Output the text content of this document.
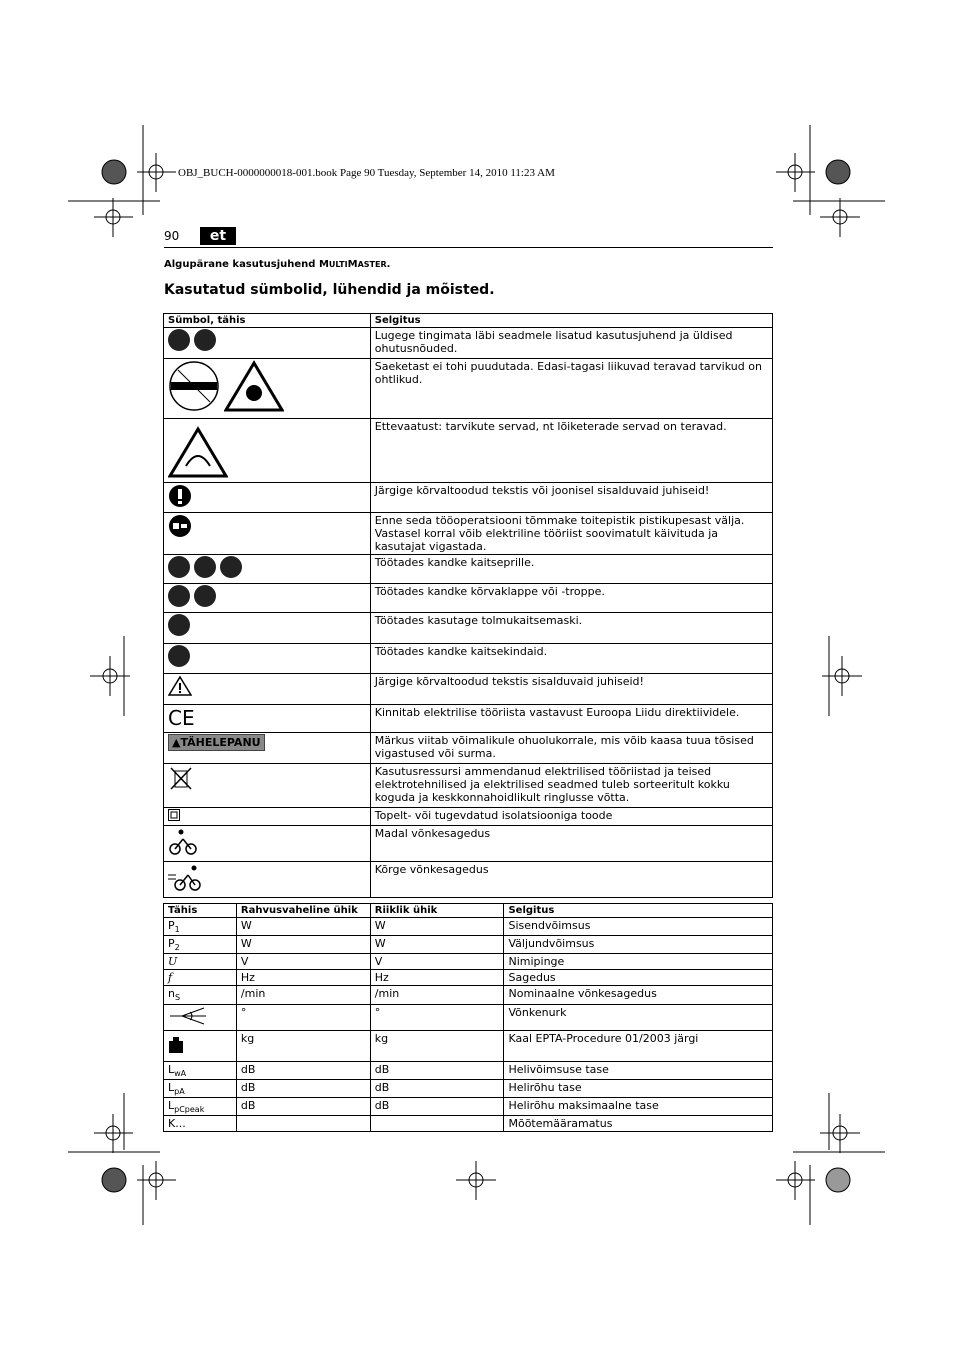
OBJ_BUCH-0000000018-001.book Page 90 Tuesday, September 14, 2010 11:23 AM
90	et
Algupärane kasutusjuhend MULTIMASTER.
Kasutatud sümbolid, lühendid ja mõisted.
Sümbol, tähis	Selgitus

	Lugege tingimata läbi seadmele lisatud kasutusjuhend ja üldised ohutusnõuded.

	Saeketast ei tohi puudutada. Edasi-tagasi liikuvad teravad tarvikud on ohtlikud.
	Ettevaatust: tarvikute servad, nt lõiketerade servad on teravad.
	Järgige kõrvaltoodud tekstis või joonisel sisalduvaid juhiseid!
	Enne seda tööoperatsiooni tõmmake toitepistik pistikupesast välja. Vastasel korral võib elektriline tööriist soovimatult käivituda ja kasutajat vigastada.

	Töötades kandke kaitseprille.

	Töötades kandke kõrvaklappe või -troppe.
	Töötades kasutage tolmukaitsemaski.
	Töötades kandke kaitsekindaid.
	Järgige kõrvaltoodud tekstis sisalduvaid juhiseid!

CE	Kinnitab elektrilise tööriista vastavust Euroopa Liidu direktiividele.
▲TÄHELEPANU	Märkus viitab võimalikule ohuolukorrale, mis võib kaasa tuua tõsised vigastused või surma.
	Kasutusressursi ammendanud elektrilised tööriistad ja teised elektrotehnilised ja elektrilised seadmed tuleb sorteeritult kokku koguda ja keskkonnahoidlikult ringlusse võtta.
	Topelt- või tugevdatud isolatsiooniga toode
	Madal võnkesagedus
	Kõrge võnkesagedus
Tähis	Rahvusvaheline ühik	Riiklik ühik	Selgitus
$P_1$	W	W	Sisendvõimsus
$P_2$	W	W	Väljundvõimsus
U	V	V	Nimipinge
f	Hz	Hz	Sagedus
$n_S$	/min	/min	Nominaalne võnkesagedus
	°	°	Võnkenurk
	kg	kg	Kaal EPTA-Procedure 01/2003 järgi
$L_{wA}$	dB	dB	Helivõimsuse tase
$L_{pA}$	dB	dB	Helirõhu tase
$L_{pCpeak}$	dB	dB	Helirõhu maksimaalne tase
K...			Mõõtemääramatus
